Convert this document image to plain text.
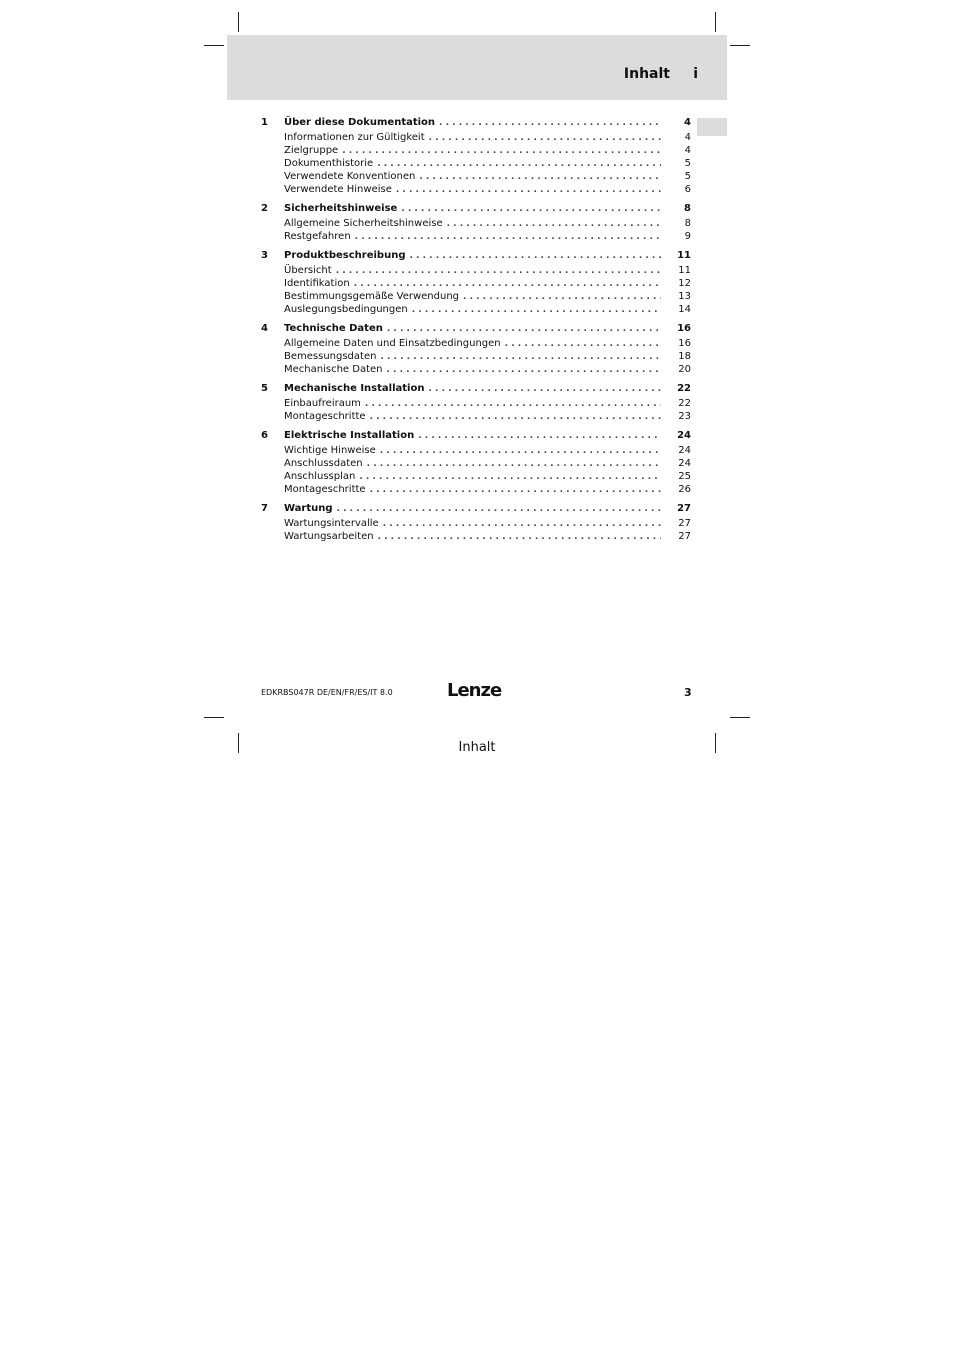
Inhalt i
1 Über diese Dokumentation . . .	4
Informationen zur Gültigkeit . . .	4
Zielgruppe . . .	4
Dokumenthistorie . . .	5
Verwendete Konventionen . . .	5
Verwendete Hinweise . . .	6
2 Sicherheitshinweise . . .	8
Allgemeine Sicherheitshinweise . . .	8
Restgefahren . . .	9
3 Produktbeschreibung . . .	11
Übersicht . . .	11
Identifikation . . .	12
Bestimmungsgemäße Verwendung . . .	13
Auslegungsbedingungen . . .	14
4 Technische Daten . . .	16
Allgemeine Daten und Einsatzbedingungen . . .	16
Bemessungsdaten . . .	18
Mechanische Daten . . .	20
5 Mechanische Installation . . .	22
Einbaufreiraum . . .	22
Montageschritte . . .	23
6 Elektrische Installation . . .	24
Wichtige Hinweise . . .	24
Anschlussdaten . . .	24
Anschlussplan . . .	25
Montageschritte . . .	26
7 Wartung . . .	27
Wartungsintervalle . . .	27
Wartungsarbeiten . . .	27
EDKRBS047R DE/EN/FR/ES/IT 8.0	Lenze	3
Inhalt
